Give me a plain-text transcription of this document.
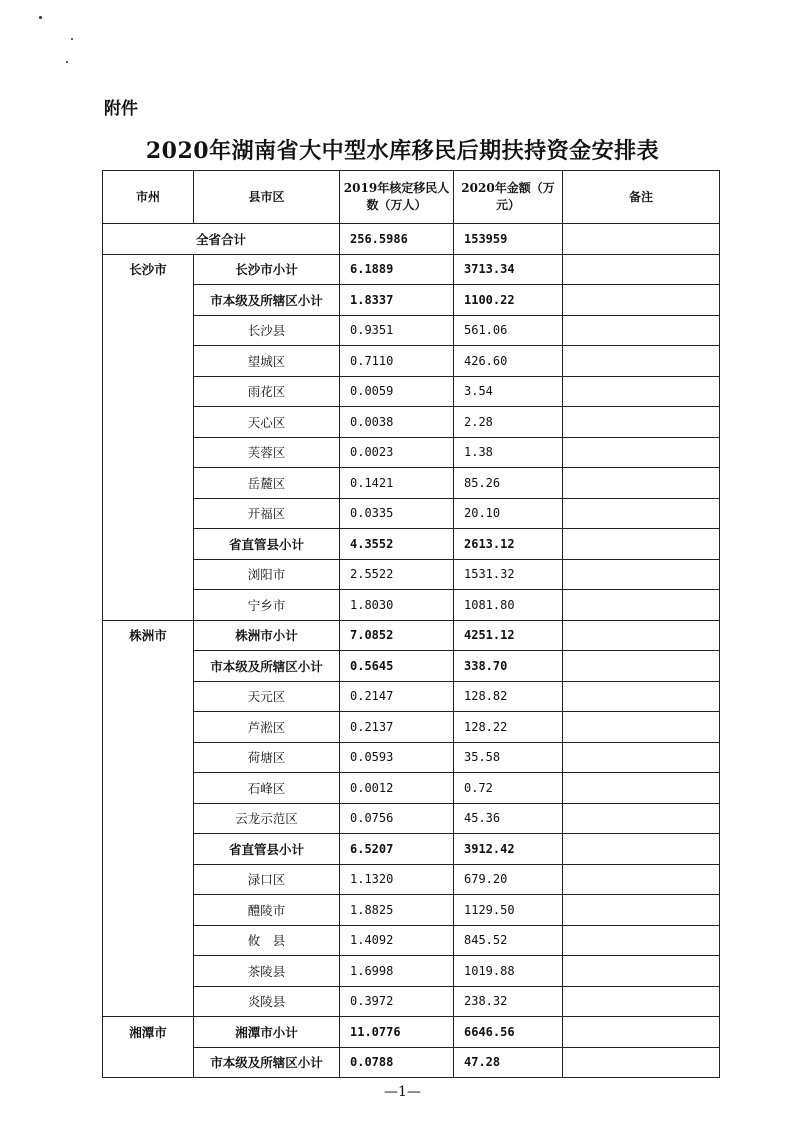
附件
2020年湖南省大中型水库移民后期扶持资金安排表
市州	县市区	2019年核定移民人数（万人）	2020年金额（万元）	备注
全省合计		256.5986	153959	
长沙市	长沙市小计	6.1889	3713.34	
	市本级及所辖区小计	1.8337	1100.22	
	长沙县	0.9351	561.06	
	望城区	0.7110	426.60	
	雨花区	0.0059	3.54	
	天心区	0.0038	2.28	
	芙蓉区	0.0023	1.38	
	岳麓区	0.1421	85.26	
	开福区	0.0335	20.10	
	省直管县小计	4.3552	2613.12	
	浏阳市	2.5522	1531.32	
	宁乡市	1.8030	1081.80	
株洲市	株洲市小计	7.0852	4251.12	
	市本级及所辖区小计	0.5645	338.70	
	天元区	0.2147	128.82	
	芦淞区	0.2137	128.22	
	荷塘区	0.0593	35.58	
	石峰区	0.0012	0.72	
	云龙示范区	0.0756	45.36	
	省直管县小计	6.5207	3912.42	
	渌口区	1.1320	679.20	
	醴陵市	1.8825	1129.50	
	攸　县	1.4092	845.52	
	茶陵县	1.6998	1019.88	
	炎陵县	0.3972	238.32	
湘潭市	湘潭市小计	11.0776	6646.56	
	市本级及所辖区小计	0.0788	47.28	
—1—
